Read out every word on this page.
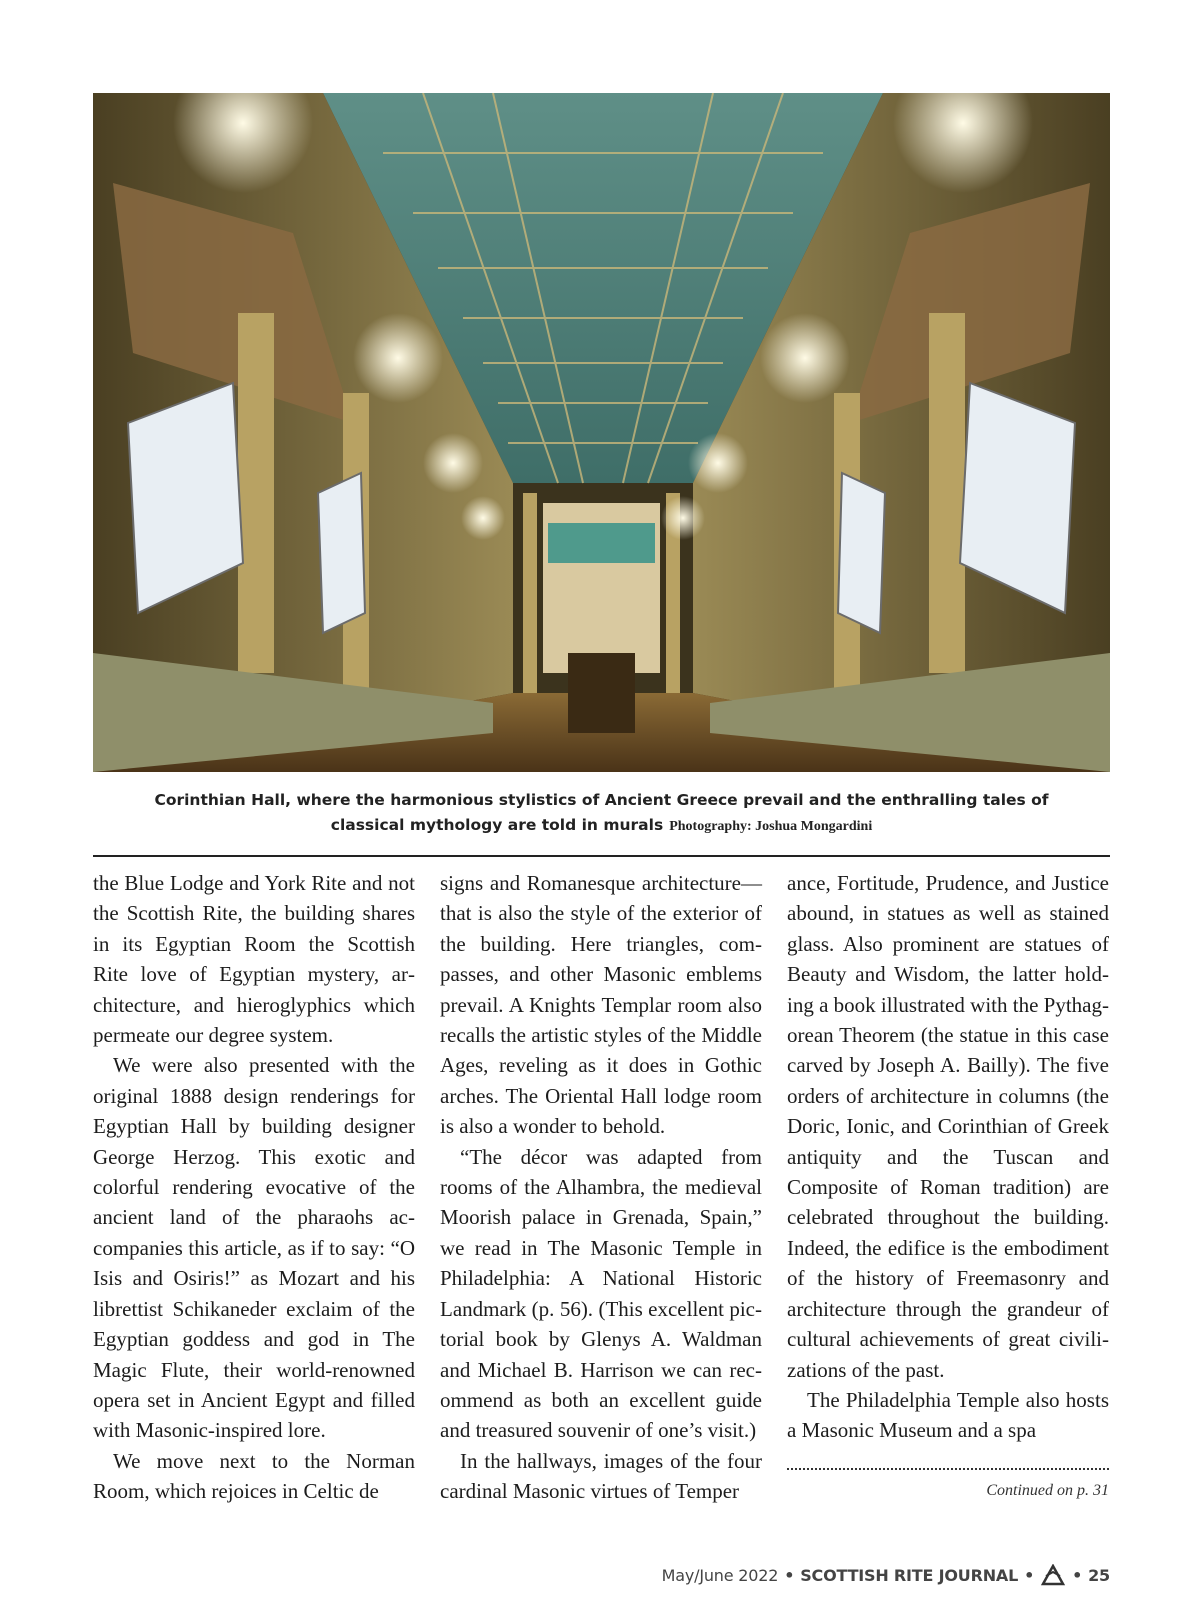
Corinthian Hall, where the harmonious stylistics of Ancient Greece prevail and the enthralling tales of
classical mythology are told in murals Photography: Joshua Mongardini

the Blue Lodge and York Rite and not the Scottish Rite, the building shares in its Egyptian Room the Scottish Rite love of Egyptian mystery, architecture, and hieroglyphics which permeate our degree system.

We were also presented with the original 1888 design renderings for Egyptian Hall by building designer George Herzog. This exotic and colorful rendering evocative of the ancient land of the pharaohs accompanies this article, as if to say: “O Isis and Osiris!” as Mozart and his librettist Schikaneder exclaim of the Egyptian goddess and god in The Magic Flute, their world-renowned opera set in Ancient Egypt and filled with Masonic-inspired lore.

We move next to the Norman Room, which rejoices in Celtic de

signs and Romanesque architecture—that is also the style of the exterior of the building. Here triangles, compasses, and other Masonic emblems prevail. A Knights Templar room also recalls the artistic styles of the Middle Ages, reveling as it does in Gothic arches. The Oriental Hall lodge room is also a wonder to behold.

“The décor was adapted from rooms of the Alhambra, the medieval Moorish palace in Grenada, Spain,” we read in The Masonic Temple in Philadelphia: A National Historic Landmark (p. 56). (This excellent pictorial book by Glenys A. Waldman and Michael B. Harrison we can recommend as both an excellent guide and treasured souvenir of one’s visit.)

In the hallways, images of the four cardinal Masonic virtues of Temper

ance, Fortitude, Prudence, and Justice abound, in statues as well as stained glass. Also prominent are statues of Beauty and Wisdom, the latter holding a book illustrated with the Pythagorean Theorem (the statue in this case carved by Joseph A. Bailly). The five orders of architecture in columns (the Doric, Ionic, and Corinthian of Greek antiquity and the Tuscan and Composite of Roman tradition) are celebrated throughout the building. Indeed, the edifice is the embodiment of the history of Freemasonry and architecture through the grandeur of cultural achievements of great civilizations of the past.

The Philadelphia Temple also hosts a Masonic Museum and a spa

Continued on p. 31
May/June 2022 • SCOTTISH RITE JOURNAL • • 25
